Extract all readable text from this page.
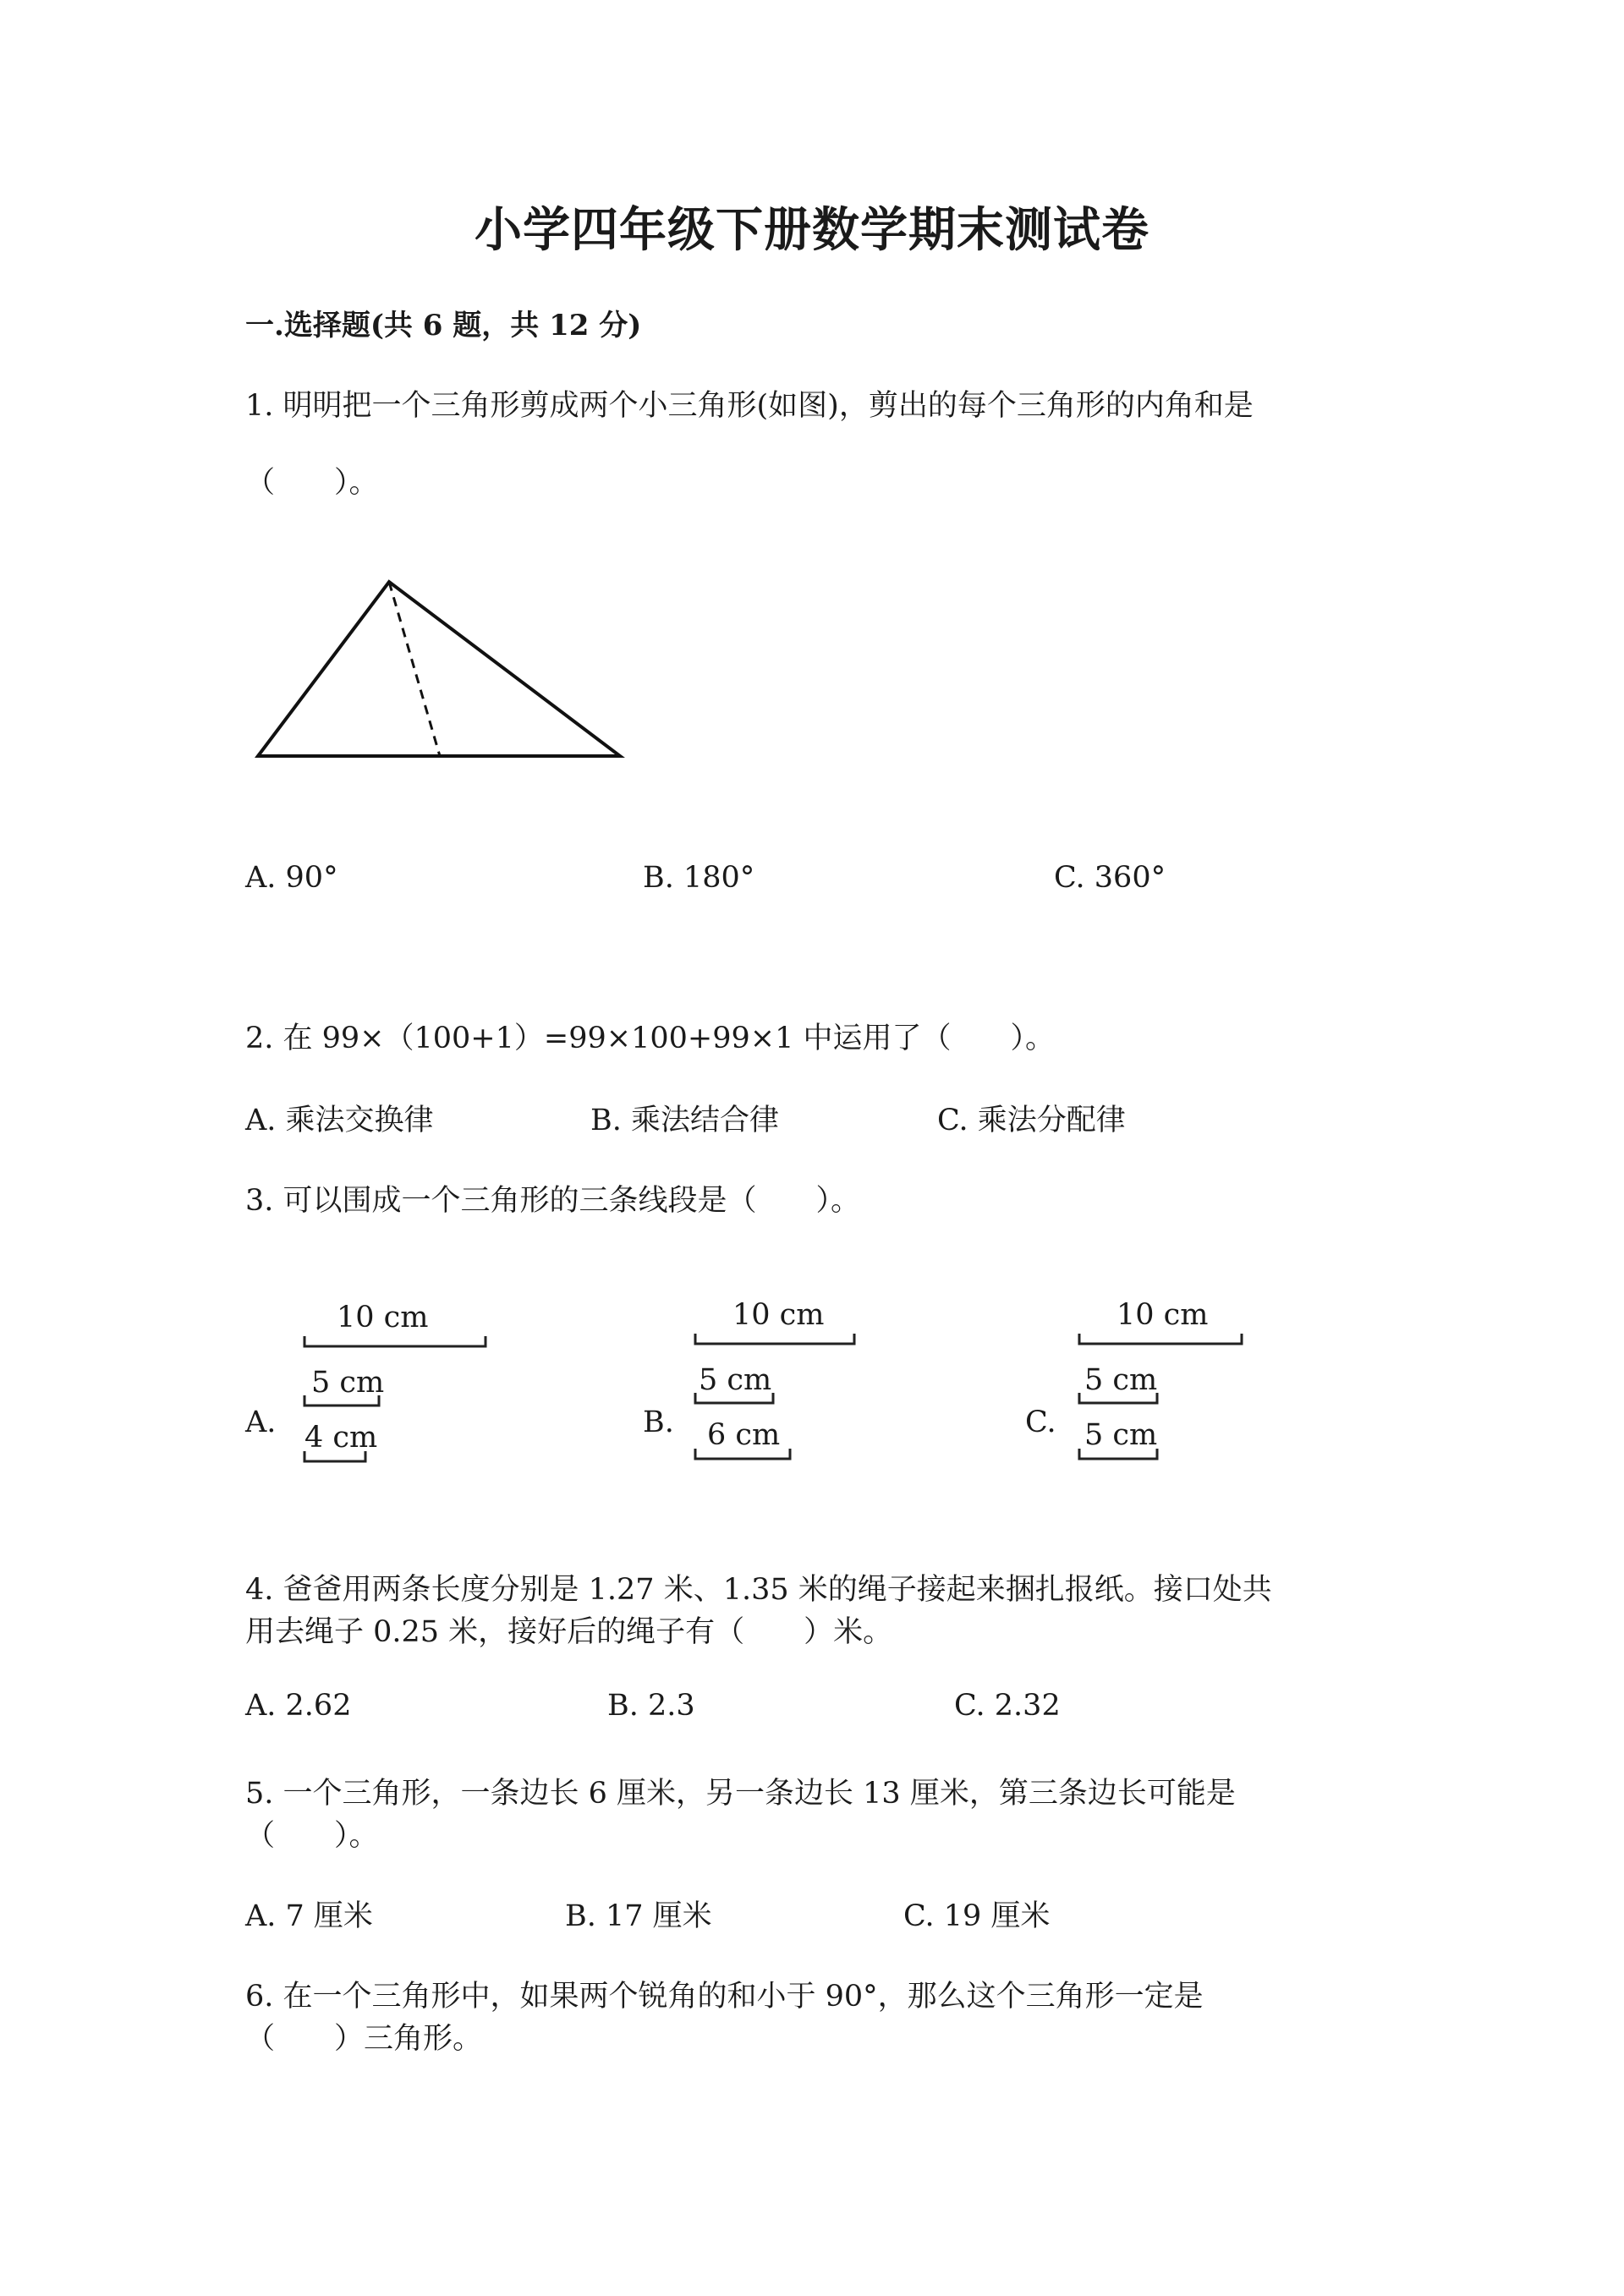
小学四年级下册数学期末测试卷
一.选择题(共 6 题，共 12 分)
1. 明明把一个三角形剪成两个小三角形(如图)，剪出的每个三角形的内角和是
（　　）。
A. 90°	B. 180°	C. 360°
2. 在 99×（100+1）=99×100+99×1 中运用了（　　）。
A. 乘法交换律	B. 乘法结合律	C. 乘法分配律
3. 可以围成一个三角形的三条线段是（　　）。
A.
10 cm
5 cm
4 cm	B.
10 cm
5 cm
6 cm	C.
10 cm
5 cm
5 cm
4. 爸爸用两条长度分别是 1.27 米、1.35 米的绳子接起来捆扎报纸。接口处共
用去绳子 0.25 米，接好后的绳子有（　　）米。
A. 2.62	B. 2.3	C. 2.32
5. 一个三角形，一条边长 6 厘米，另一条边长 13 厘米，第三条边长可能是
（　　）。
A. 7 厘米	B. 17 厘米	C. 19 厘米
6. 在一个三角形中，如果两个锐角的和小于 90°，那么这个三角形一定是
（　　）三角形。
